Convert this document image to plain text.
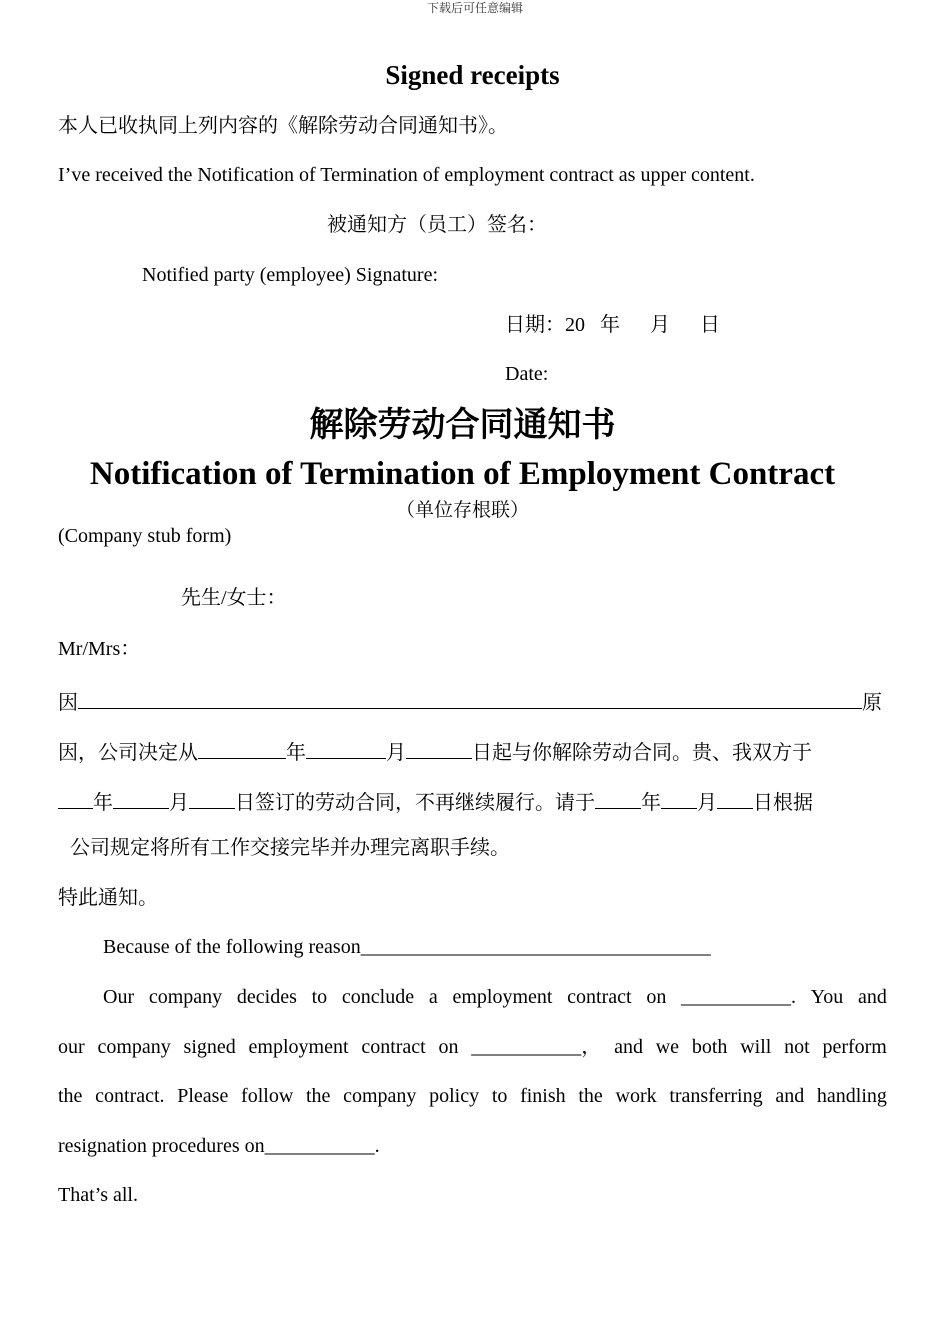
下载后可任意编辑
Signed receipts
本人已收执同上列内容的《解除劳动合同通知书》。
I’ve received the Notification of Termination of employment contract as upper content.
被通知方（员工）签名：
Notified party (employee) Signature:
日期：20   年      月      日
Date:
解除劳动合同通知书
Notification of Termination of Employment Contract
（单位存根联）
(Company stub form)
先生/女士：
Mr/Mrs：
因	原
因，公司决定从	年	月	日起与你解除劳动合同。贵、我双方于
年	月 日签订的劳动合同，不再继续履行。请于 年 月 日根据
公司规定将所有工作交接完毕并办理完离职手续。
特此通知。
Because of the following reason___________________________________
Our company decides to conclude a employment contract on ___________. You and
our company signed employment contract on ___________， and we both will not perform
the contract. Please follow the company policy to finish the work transferring and handling
resignation procedures on___________.
That’s all.
